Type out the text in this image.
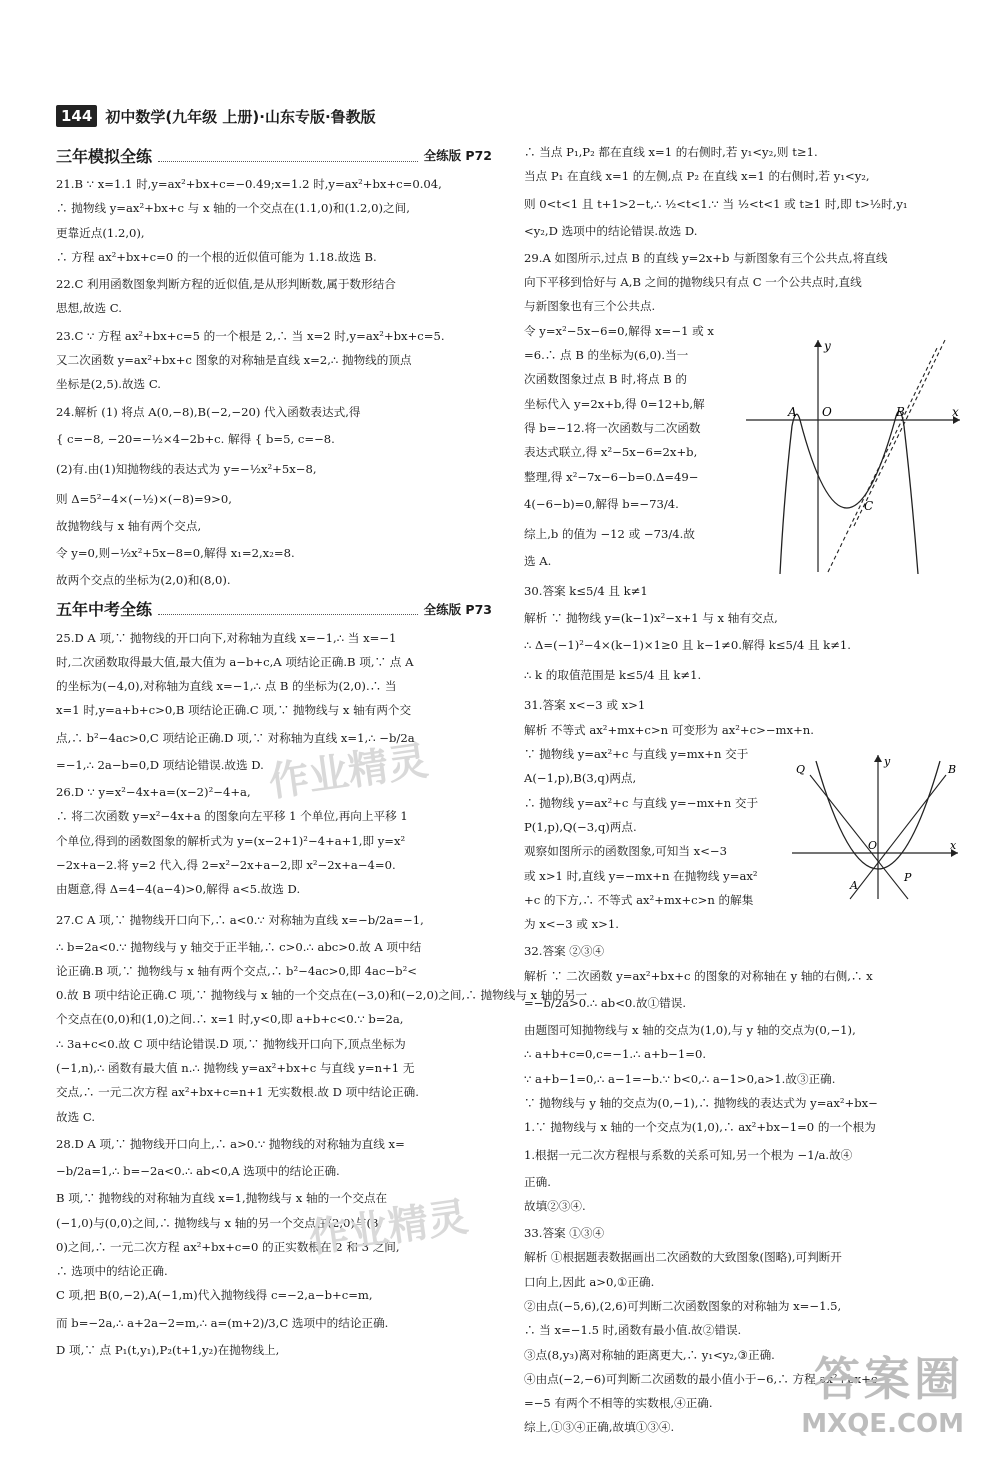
144 初中数学(九年级 上册)·山东专版·鲁教版
三年模拟全练	全练版 P72
21.B ∵ x=1.1 时,y=ax²+bx+c=−0.49;x=1.2 时,y=ax²+bx+c=0.04,
∴ 抛物线 y=ax²+bx+c 与 x 轴的一个交点在(1.1,0)和(1.2,0)之间,
更靠近点(1.2,0),
∴ 方程 ax²+bx+c=0 的一个根的近似值可能为 1.18.故选 B.
22.C 利用函数图象判断方程的近似值,是从形判断数,属于数形结合
思想,故选 C.
23.C ∵ 方程 ax²+bx+c=5 的一个根是 2,∴ 当 x=2 时,y=ax²+bx+c=5.
又二次函数 y=ax²+bx+c 图象的对称轴是直线 x=2,∴ 抛物线的顶点
坐标是(2,5).故选 C.
24.解析 (1) 将点 A(0,−8),B(−2,−20) 代入函数表达式,得
{ c=−8, −20=−½×4−2b+c. 解得 { b=5, c=−8.
(2)有.由(1)知抛物线的表达式为 y=−½x²+5x−8,
则 Δ=5²−4×(−½)×(−8)=9>0,
故抛物线与 x 轴有两个交点,
令 y=0,则−½x²+5x−8=0,解得 x₁=2,x₂=8.
故两个交点的坐标为(2,0)和(8,0).
五年中考全练	全练版 P73
25.D A 项,∵ 抛物线的开口向下,对称轴为直线 x=−1,∴ 当 x=−1
时,二次函数取得最大值,最大值为 a−b+c,A 项结论正确.B 项,∵ 点 A
的坐标为(−4,0),对称轴为直线 x=−1,∴ 点 B 的坐标为(2,0).∴ 当
x=1 时,y=a+b+c>0,B 项结论正确.C 项,∵ 抛物线与 x 轴有两个交
点,∴ b²−4ac>0,C 项结论正确.D 项,∵ 对称轴为直线 x=1,∴ −b/2a
=−1,∴ 2a−b=0,D 项结论错误.故选 D.
26.D ∵ y=x²−4x+a=(x−2)²−4+a,
∴ 将二次函数 y=x²−4x+a 的图象向左平移 1 个单位,再向上平移 1
个单位,得到的函数图象的解析式为 y=(x−2+1)²−4+a+1,即 y=x²
−2x+a−2.将 y=2 代入,得 2=x²−2x+a−2,即 x²−2x+a−4=0.
由题意,得 Δ=4−4(a−4)>0,解得 a<5.故选 D.
27.C A 项,∵ 抛物线开口向下,∴ a<0.∵ 对称轴为直线 x=−b/2a=−1,
∴ b=2a<0.∵ 抛物线与 y 轴交于正半轴,∴ c>0.∴ abc>0.故 A 项中结
论正确.B 项,∵ 抛物线与 x 轴有两个交点,∴ b²−4ac>0,即 4ac−b²<
0.故 B 项中结论正确.C 项,∵ 抛物线与 x 轴的一个交点在(−3,0)和(−2,0)之间,∴ 抛物线与 x 轴的另一
个交点在(0,0)和(1,0)之间.∴ x=1 时,y<0,即 a+b+c<0.∵ b=2a,
∴ 3a+c<0.故 C 项中结论错误.D 项,∵ 抛物线开口向下,顶点坐标为
(−1,n),∴ 函数有最大值 n.∴ 抛物线 y=ax²+bx+c 与直线 y=n+1 无
交点,∴ 一元二次方程 ax²+bx+c=n+1 无实数根.故 D 项中结论正确.
故选 C.
28.D A 项,∵ 抛物线开口向上,∴ a>0.∵ 抛物线的对称轴为直线 x=
−b/2a=1,∴ b=−2a<0.∴ ab<0,A 选项中的结论正确.
B 项,∵ 抛物线的对称轴为直线 x=1,抛物线与 x 轴的一个交点在
(−1,0)与(0,0)之间,∴ 抛物线与 x 轴的另一个交点在(2,0)与(3,
0)之间,∴ 一元二次方程 ax²+bx+c=0 的正实数根在 2 和 3 之间,
∴ 选项中的结论正确.
C 项,把 B(0,−2),A(−1,m)代入抛物线得 c=−2,a−b+c=m,
而 b=−2a,∴ a+2a−2=m,∴ a=(m+2)/3,C 选项中的结论正确.
D 项,∵ 点 P₁(t,y₁),P₂(t+1,y₂)在抛物线上,
∴ 当点 P₁,P₂ 都在直线 x=1 的右侧时,若 y₁<y₂,则 t≥1.
当点 P₁ 在直线 x=1 的左侧,点 P₂ 在直线 x=1 的右侧时,若 y₁<y₂,
则 0<t<1 且 t+1>2−t,∴ ½<t<1.∵ 当 ½<t<1 或 t≥1 时,即 t>½时,y₁
<y₂,D 选项中的结论错误.故选 D.
29.A 如图所示,过点 B 的直线 y=2x+b 与新图象有三个公共点,将直线
向下平移到恰好与 A,B 之间的抛物线只有点 C 一个公共点时,直线
与新图象也有三个公共点.
令 y=x²−5x−6=0,解得 x=−1 或 x
=6.∴ 点 B 的坐标为(6,0).当一
次函数图象过点 B 时,将点 B 的
坐标代入 y=2x+b,得 0=12+b,解
得 b=−12.将一次函数与二次函数
表达式联立,得 x²−5x−6=2x+b,
整理,得 x²−7x−6−b=0.Δ=49−
4(−6−b)=0,解得 b=−73/4.
综上,b 的值为 −12 或 −73/4.故
选 A.
y
A O	B	x
C
30.答案 k≤5/4 且 k≠1
解析 ∵ 抛物线 y=(k−1)x²−x+1 与 x 轴有交点,
∴ Δ=(−1)²−4×(k−1)×1≥0 且 k−1≠0.解得 k≤5/4 且 k≠1.
∴ k 的取值范围是 k≤5/4 且 k≠1.
31.答案 x<−3 或 x>1
解析 不等式 ax²+mx+c>n 可变形为 ax²+c>−mx+n.
∵ 抛物线 y=ax²+c 与直线 y=mx+n 交于
A(−1,p),B(3,q)两点,
∴ 抛物线 y=ax²+c 与直线 y=−mx+n 交于
P(1,p),Q(−3,q)两点.
观察如图所示的函数图象,可知当 x<−3
或 x>1 时,直线 y=−mx+n 在抛物线 y=ax²
+c 的下方,∴ 不等式 ax²+mx+c>n 的解集
为 x<−3 或 x>1.
y
Q	B
O	x
A
P
32.答案 ②③④
解析 ∵ 二次函数 y=ax²+bx+c 的图象的对称轴在 y 轴的右侧,∴ x
=−b/2a>0.∴ ab<0.故①错误.
由题图可知抛物线与 x 轴的交点为(1,0),与 y 轴的交点为(0,−1),
∴ a+b+c=0,c=−1.∴ a+b−1=0.
∵ a+b−1=0,∴ a−1=−b.∵ b<0,∴ a−1>0,a>1.故③正确.
∵ 抛物线与 y 轴的交点为(0,−1),∴ 抛物线的表达式为 y=ax²+bx−
1.∵ 抛物线与 x 轴的一个交点为(1,0),∴ ax²+bx−1=0 的一个根为
1.根据一元二次方程根与系数的关系可知,另一个根为 −1/a.故④
正确.
故填②③④.
33.答案 ①③④
解析 ①根据题表数据画出二次函数的大致图象(图略),可判断开
口向上,因此 a>0,①正确.
②由点(−5,6),(2,6)可判断二次函数图象的对称轴为 x=−1.5,
∴ 当 x=−1.5 时,函数有最小值.故②错误.
③点(8,y₃)离对称轴的距离更大,∴ y₁<y₂,③正确.
④由点(−2,−6)可判断二次函数的最小值小于−6,∴ 方程 ax²+bx+c
=−5 有两个不相等的实数根,④正确.
综上,①③④正确,故填①③④.
作业精灵
作业精灵
答案圈
MXQE.COM
